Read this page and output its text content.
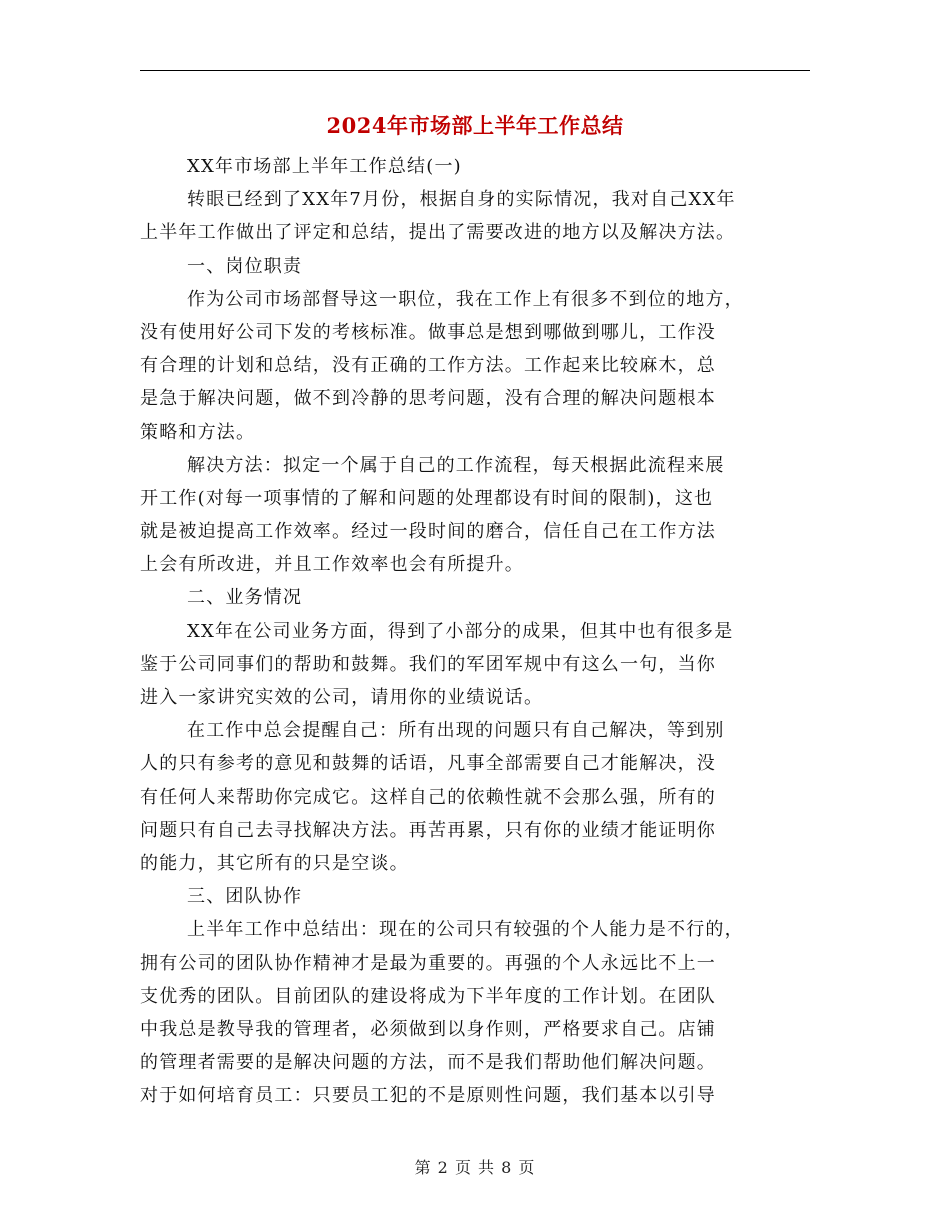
2024年市场部上半年工作总结
XX年市场部上半年工作总结(一)
转眼已经到了XX年7月份，根据自身的实际情况，我对自己XX年
上半年工作做出了评定和总结，提出了需要改进的地方以及解决方法。
一、岗位职责
作为公司市场部督导这一职位，我在工作上有很多不到位的地方，
没有使用好公司下发的考核标准。做事总是想到哪做到哪儿，工作没
有合理的计划和总结，没有正确的工作方法。工作起来比较麻木，总
是急于解决问题，做不到冷静的思考问题，没有合理的解决问题根本
策略和方法。
解决方法：拟定一个属于自己的工作流程，每天根据此流程来展
开工作(对每一项事情的了解和问题的处理都设有时间的限制)，这也
就是被迫提高工作效率。经过一段时间的磨合，信任自己在工作方法
上会有所改进，并且工作效率也会有所提升。
二、业务情况
XX年在公司业务方面，得到了小部分的成果，但其中也有很多是
鉴于公司同事们的帮助和鼓舞。我们的军团军规中有这么一句，当你
进入一家讲究实效的公司，请用你的业绩说话。
在工作中总会提醒自己：所有出现的问题只有自己解决，等到别
人的只有参考的意见和鼓舞的话语，凡事全部需要自己才能解决，没
有任何人来帮助你完成它。这样自己的依赖性就不会那么强，所有的
问题只有自己去寻找解决方法。再苦再累，只有你的业绩才能证明你
的能力，其它所有的只是空谈。
三、团队协作
上半年工作中总结出：现在的公司只有较强的个人能力是不行的，
拥有公司的团队协作精神才是最为重要的。再强的个人永远比不上一
支优秀的团队。目前团队的建设将成为下半年度的工作计划。在团队
中我总是教导我的管理者，必须做到以身作则，严格要求自己。店铺
的管理者需要的是解决问题的方法，而不是我们帮助他们解决问题。
对于如何培育员工：只要员工犯的不是原则性问题，我们基本以引导
第 2 页 共 8 页
